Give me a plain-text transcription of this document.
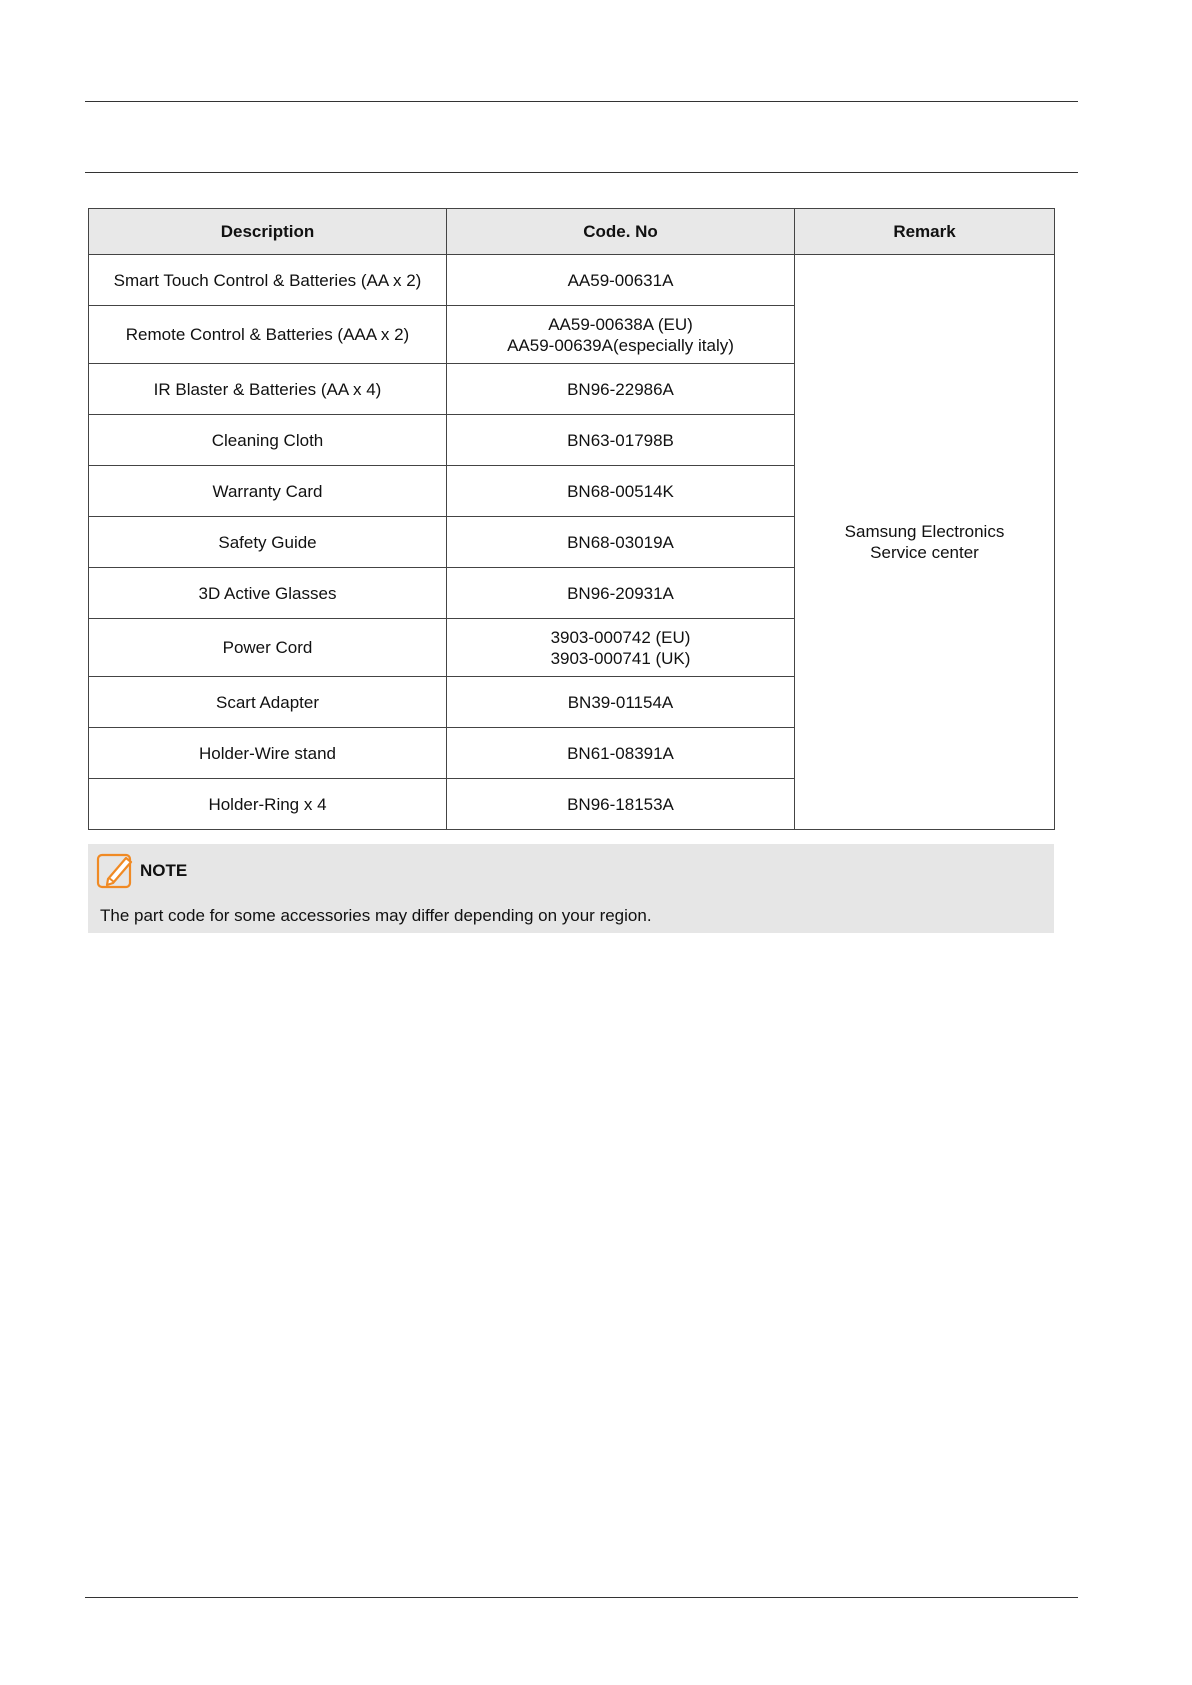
Description	Code. No	Remark
Smart Touch Control & Batteries (AA x 2)	AA59-00631A	Samsung Electronics
Service center

Remote Control & Batteries (AAA x 2)	AA59-00638A (EU)
AA59-00639A(especially italy)	

IR Blaster & Batteries (AA x 4)	BN96-22986A	

Cleaning Cloth	BN63-01798B	

Warranty Card	BN68-00514K	

Safety Guide	BN68-03019A	

3D Active Glasses	BN96-20931A	

Power Cord	3903-000742 (EU)
3903-000741 (UK)	

Scart Adapter	BN39-01154A	

Holder-Wire stand	BN61-08391A	

Holder-Ring x 4	BN96-18153A	
NOTE
The part code for some accessories may differ depending on your region.
